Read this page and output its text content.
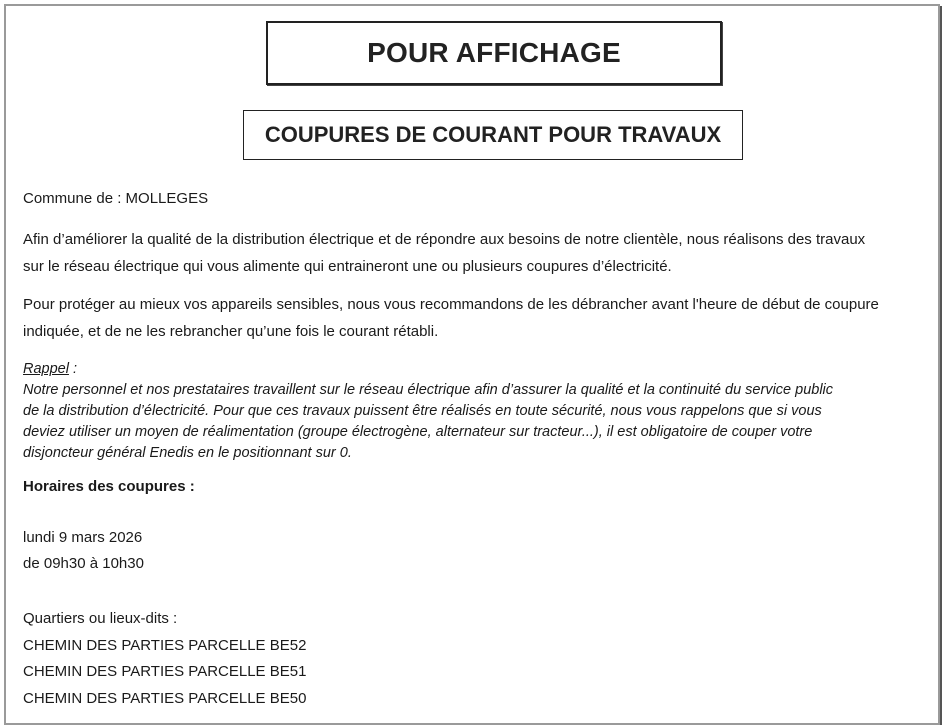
POUR AFFICHAGE
COUPURES DE COURANT POUR TRAVAUX
Commune de : MOLLEGES
Afin d’améliorer la qualité de la distribution électrique et de répondre aux besoins de notre clientèle, nous réalisons des travaux
sur le réseau électrique qui vous alimente qui entraineront une ou plusieurs coupures d’électricité.
Pour protéger au mieux vos appareils sensibles, nous vous recommandons de les débrancher avant l'heure de début de coupure
indiquée, et de ne les rebrancher qu’une fois le courant rétabli.
Rappel :
Notre personnel et nos prestataires travaillent sur le réseau électrique afin d’assurer la qualité et la continuité du service public
de la distribution d’électricité. Pour que ces travaux puissent être réalisés en toute sécurité, nous vous rappelons que si vous
deviez utiliser un moyen de réalimentation (groupe électrogène, alternateur sur tracteur...), il est obligatoire de couper votre
disjoncteur général Enedis en le positionnant sur 0.
Horaires des coupures :
lundi 9 mars 2026
de 09h30 à 10h30
Quartiers ou lieux-dits :
CHEMIN DES PARTIES PARCELLE BE52
CHEMIN DES PARTIES PARCELLE BE51
CHEMIN DES PARTIES PARCELLE BE50
